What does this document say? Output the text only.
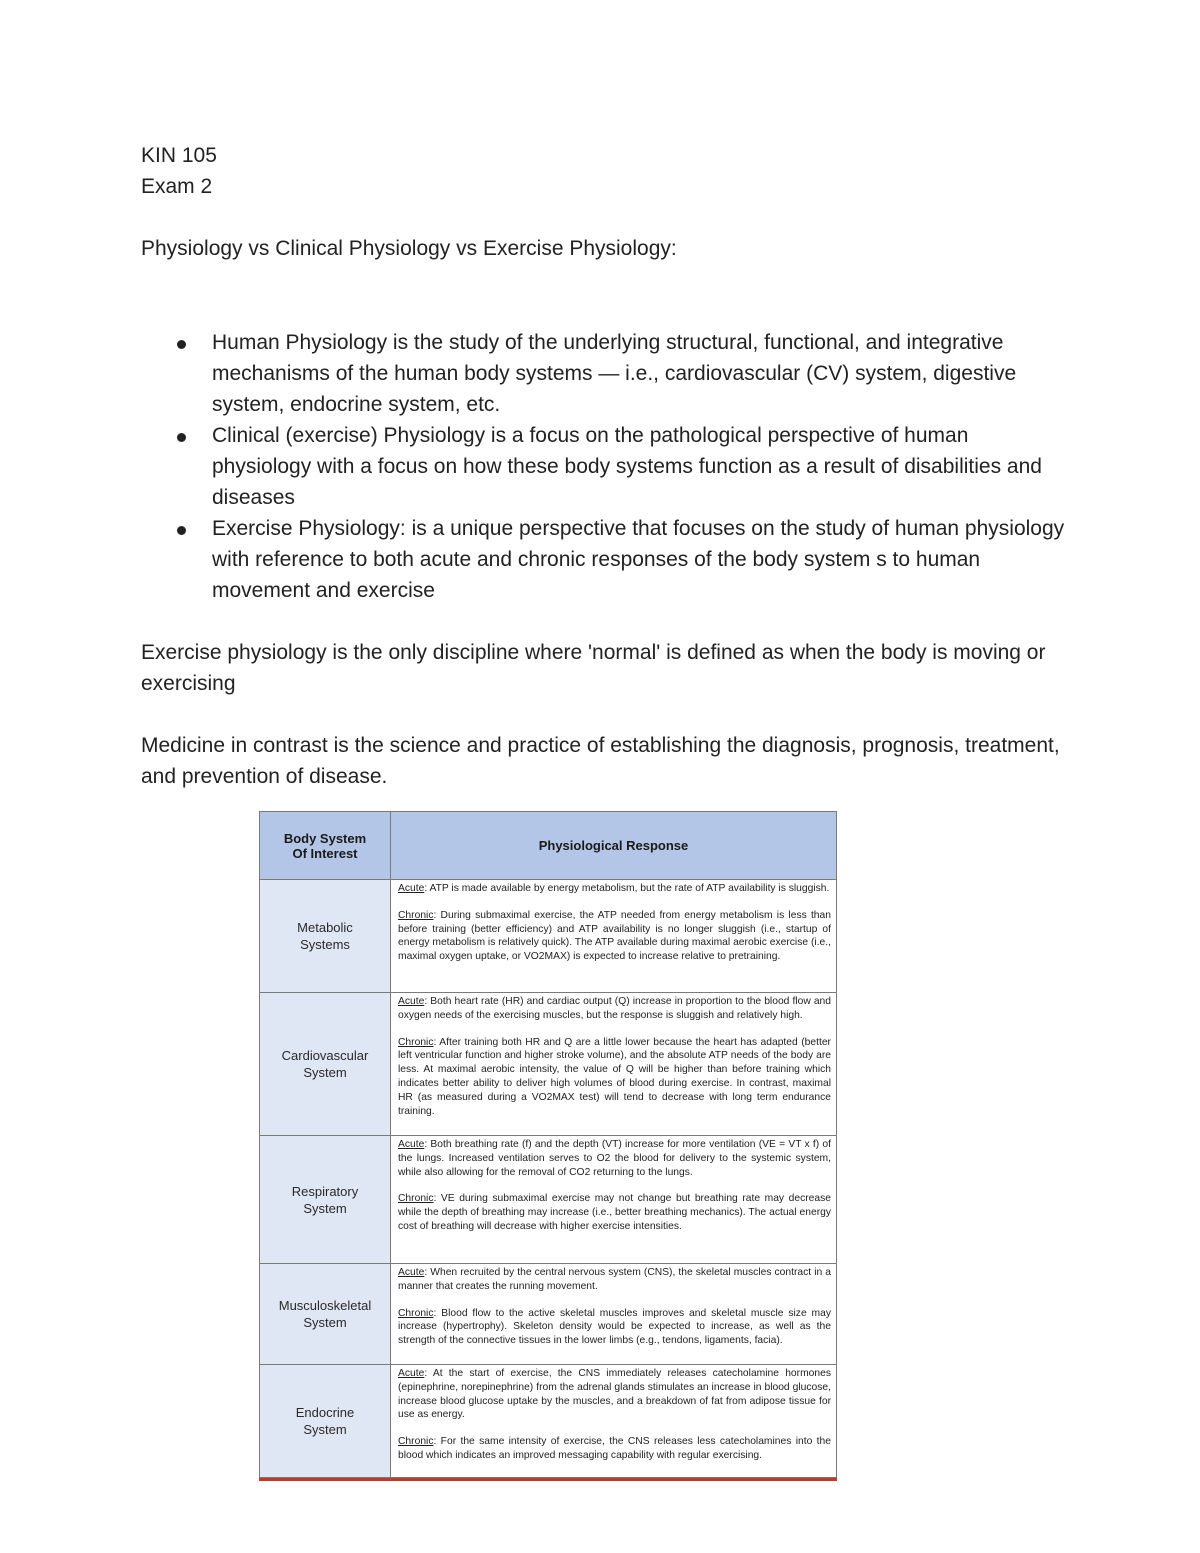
KIN 105
Exam 2
Physiology vs Clinical Physiology vs Exercise Physiology:
Human Physiology is the study of the underlying structural, functional, and integrative mechanisms of the human body systems — i.e., cardiovascular (CV) system, digestive system, endocrine system, etc.
Clinical (exercise) Physiology is a focus on the pathological perspective of human physiology with a focus on how these body systems function as a result of disabilities and diseases
Exercise Physiology: is a unique perspective that focuses on the study of human physiology with reference to both acute and chronic responses of the body system s to human movement and exercise
Exercise physiology is the only discipline where 'normal' is defined as when the body is moving or exercising
Medicine in contrast is the science and practice of establishing the diagnosis, prognosis, treatment, and prevention of disease.
Body System Of Interest	Physiological Response
Metabolic Systems	Acute: ATP is made available by energy metabolism, but the rate of ATP availability is sluggish.

Chronic: During submaximal exercise, the ATP needed from energy metabolism is less than before training (better efficiency) and ATP availability is no longer sluggish (i.e., startup of energy metabolism is relatively quick). The ATP available during maximal aerobic exercise (i.e., maximal oxygen uptake, or VO2MAX) is expected to increase relative to pretraining.

Cardiovascular System	Acute: Both heart rate (HR) and cardiac output (Q) increase in proportion to the blood flow and oxygen needs of the exercising muscles, but the response is sluggish and relatively high.

Chronic: After training both HR and Q are a little lower because the heart has adapted (better left ventricular function and higher stroke volume), and the absolute ATP needs of the body are less. At maximal aerobic intensity, the value of Q will be higher than before training which indicates better ability to deliver high volumes of blood during exercise. In contrast, maximal HR (as measured during a VO2MAX test) will tend to decrease with long term endurance training.

Respiratory System	Acute: Both breathing rate (f) and the depth (VT) increase for more ventilation (VE = VT x f) of the lungs. Increased ventilation serves to O2 the blood for delivery to the systemic system, while also allowing for the removal of CO2 returning to the lungs.

Chronic: VE during submaximal exercise may not change but breathing rate may decrease while the depth of breathing may increase (i.e., better breathing mechanics). The actual energy cost of breathing will decrease with higher exercise intensities.

Musculoskeletal System	Acute: When recruited by the central nervous system (CNS), the skeletal muscles contract in a manner that creates the running movement.

Chronic: Blood flow to the active skeletal muscles improves and skeletal muscle size may increase (hypertrophy). Skeleton density would be expected to increase, as well as the strength of the connective tissues in the lower limbs (e.g., tendons, ligaments, facia).

Endocrine System	Acute: At the start of exercise, the CNS immediately releases catecholamine hormones (epinephrine, norepinephrine) from the adrenal glands stimulates an increase in blood glucose, increase blood glucose uptake by the muscles, and a breakdown of fat from adipose tissue for use as energy.

Chronic: For the same intensity of exercise, the CNS releases less catecholamines into the blood which indicates an improved messaging capability with regular exercising.
